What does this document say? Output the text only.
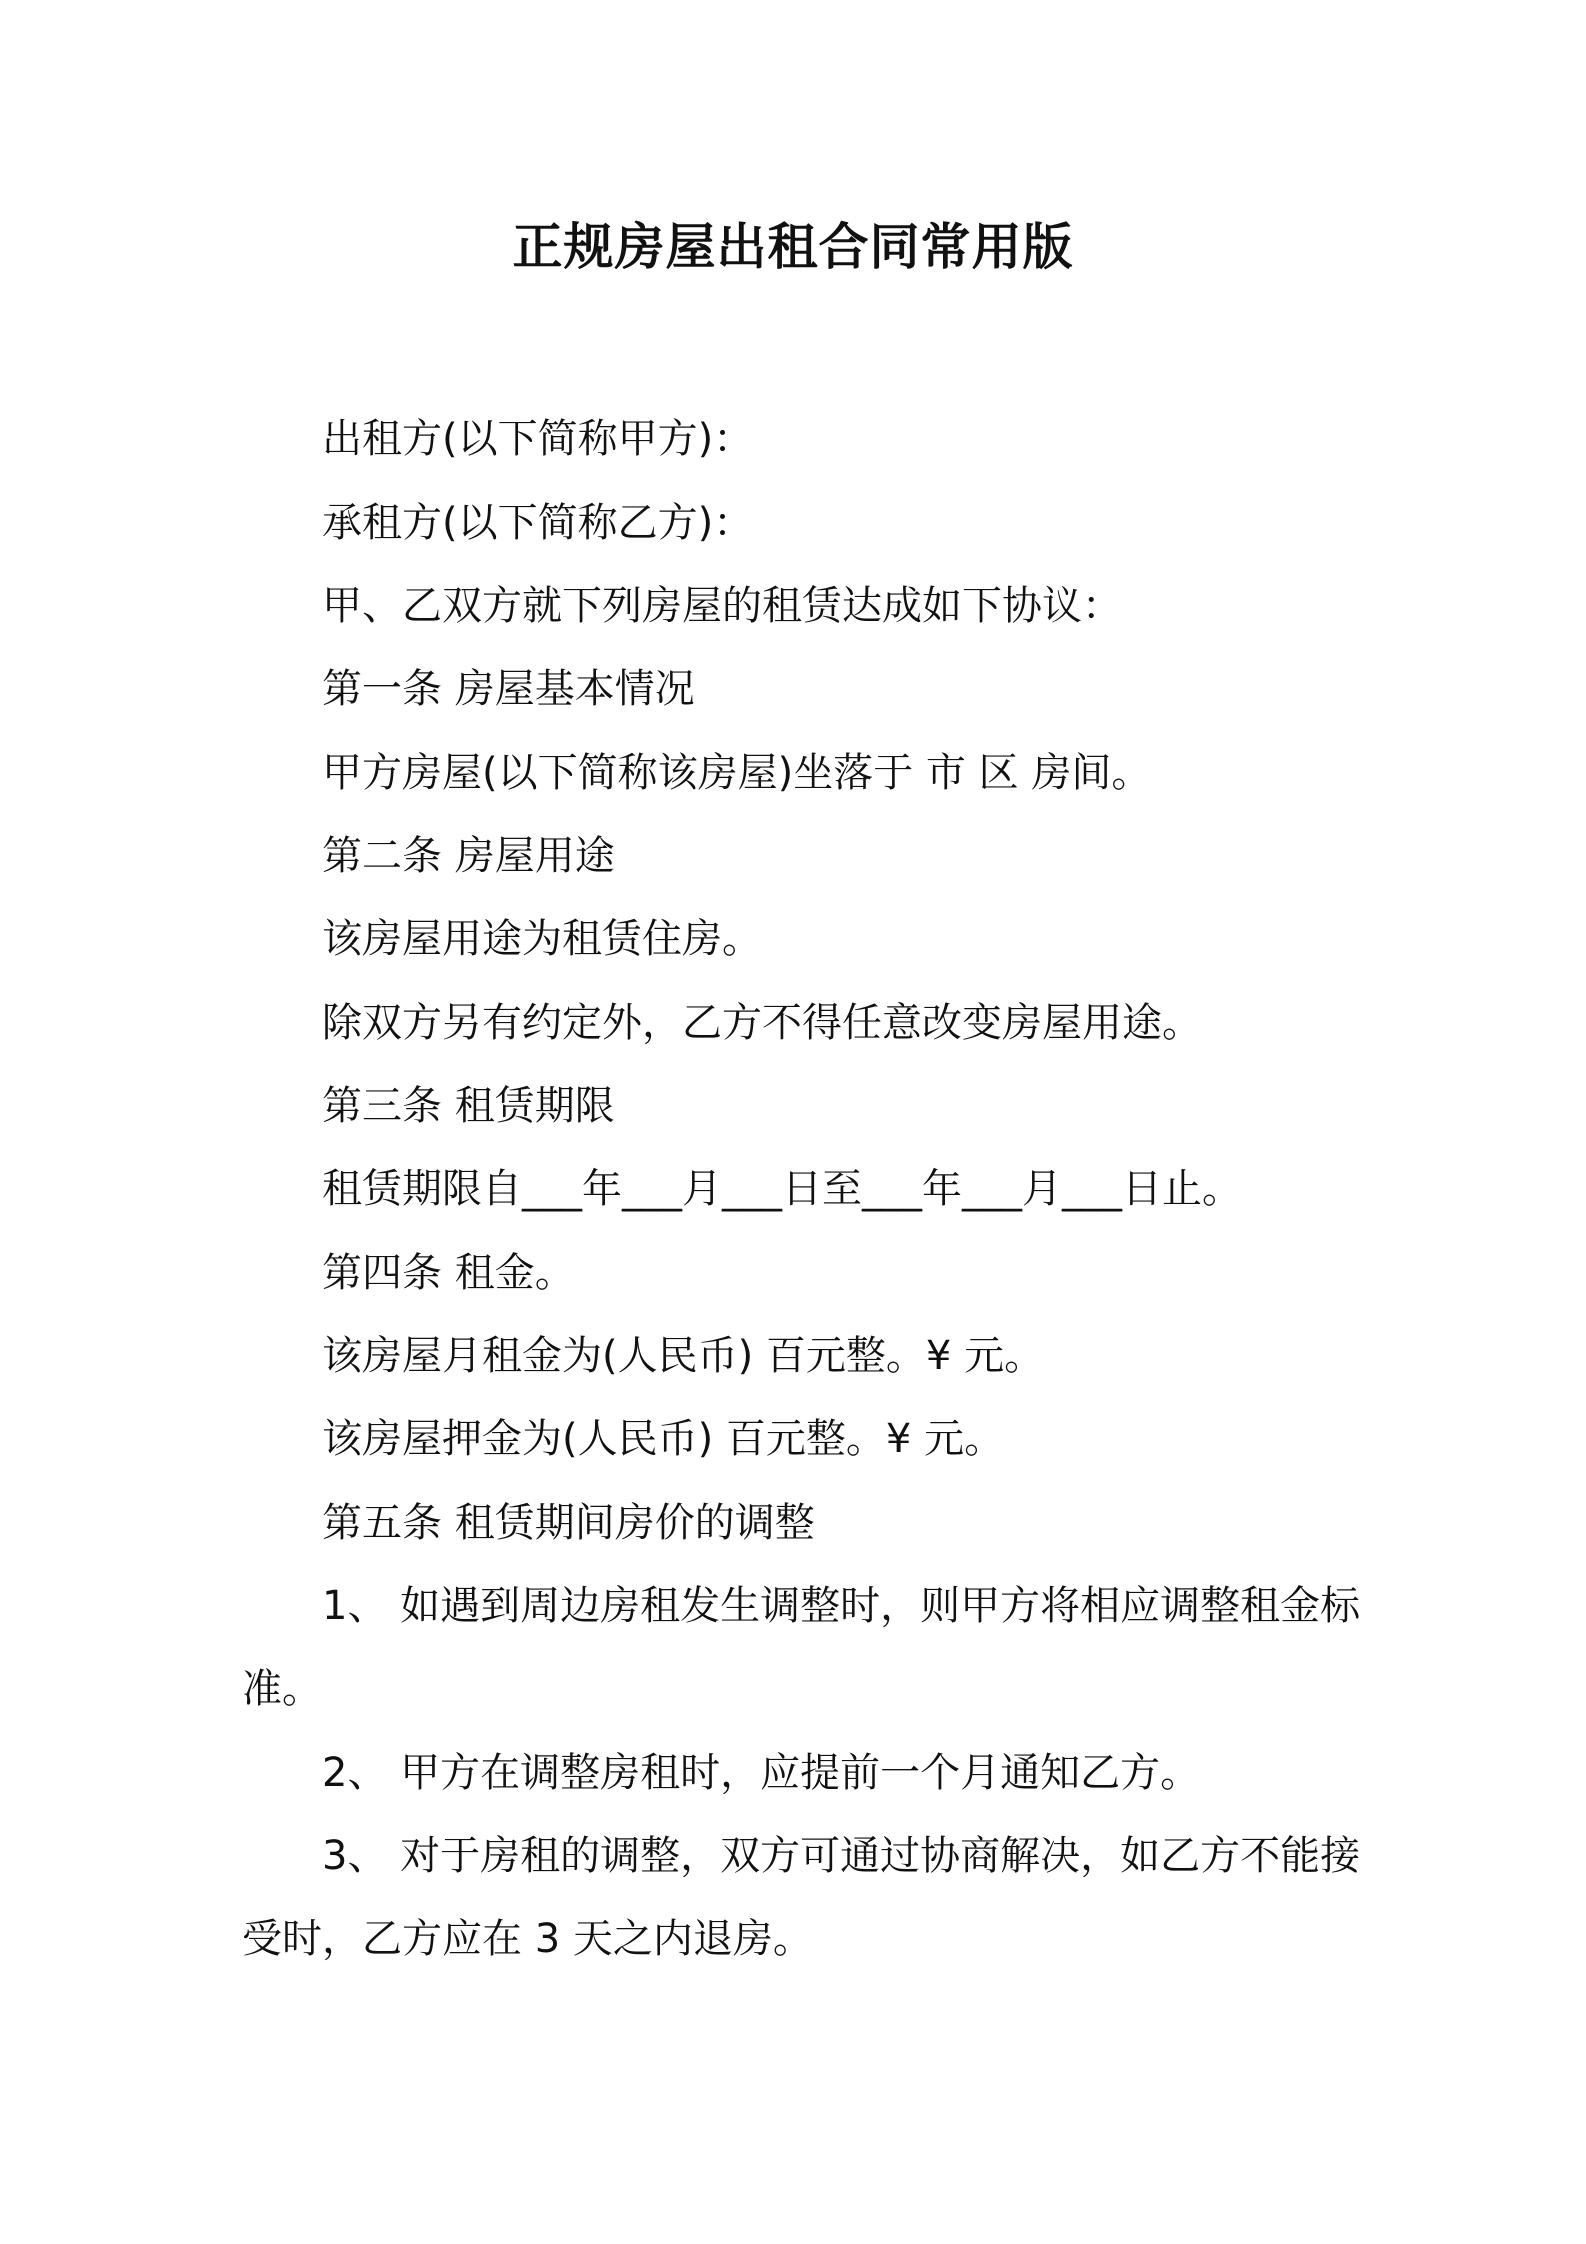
正规房屋出租合同常用版

出租方(以下简称甲方)：

承租方(以下简称乙方)：

甲、乙双方就下列房屋的租赁达成如下协议：

第一条 房屋基本情况

甲方房屋(以下简称该房屋)坐落于 市 区 房间。

第二条 房屋用途

该房屋用途为租赁住房。

除双方另有约定外，乙方不得任意改变房屋用途。

第三条 租赁期限

租赁期限自___年___月___日至___年___月___日止。

第四条 租金。

该房屋月租金为(人民币) 百元整。¥ 元。

该房屋押金为(人民币) 百元整。¥ 元。

第五条 租赁期间房价的调整

1、 如遇到周边房租发生调整时，则甲方将相应调整租金标

准。

2、 甲方在调整房租时，应提前一个月通知乙方。

3、 对于房租的调整，双方可通过协商解决，如乙方不能接

受时，乙方应在 3 天之内退房。
